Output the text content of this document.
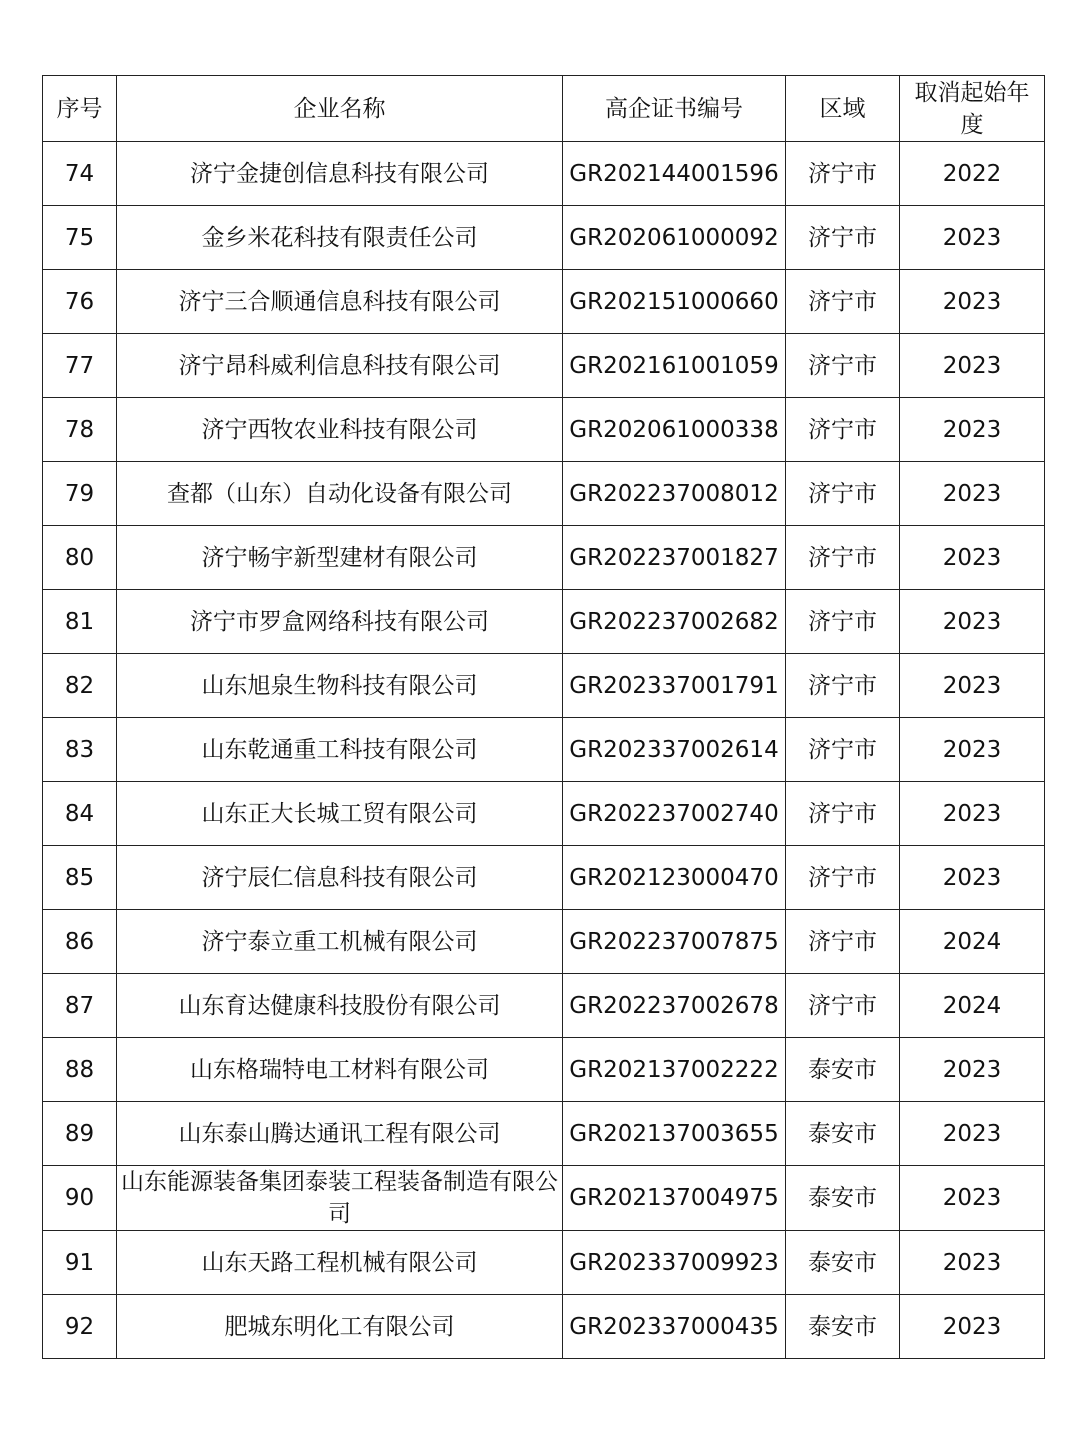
序号	企业名称	高企证书编号	区域	取消起始年度
74	济宁金捷创信息科技有限公司	GR202144001596	济宁市	2022
75	金乡米花科技有限责任公司	GR202061000092	济宁市	2023
76	济宁三合顺通信息科技有限公司	GR202151000660	济宁市	2023
77	济宁昂科威利信息科技有限公司	GR202161001059	济宁市	2023
78	济宁西牧农业科技有限公司	GR202061000338	济宁市	2023
79	查都（山东）自动化设备有限公司	GR202237008012	济宁市	2023
80	济宁畅宇新型建材有限公司	GR202237001827	济宁市	2023
81	济宁市罗盒网络科技有限公司	GR202237002682	济宁市	2023
82	山东旭泉生物科技有限公司	GR202337001791	济宁市	2023
83	山东乾通重工科技有限公司	GR202337002614	济宁市	2023
84	山东正大长城工贸有限公司	GR202237002740	济宁市	2023
85	济宁辰仁信息科技有限公司	GR202123000470	济宁市	2023
86	济宁泰立重工机械有限公司	GR202237007875	济宁市	2024
87	山东育达健康科技股份有限公司	GR202237002678	济宁市	2024
88	山东格瑞特电工材料有限公司	GR202137002222	泰安市	2023
89	山东泰山腾达通讯工程有限公司	GR202137003655	泰安市	2023
90	山东能源装备集团泰装工程装备制造有限公司	GR202137004975	泰安市	2023
91	山东天路工程机械有限公司	GR202337009923	泰安市	2023
92	肥城东明化工有限公司	GR202337000435	泰安市	2023
